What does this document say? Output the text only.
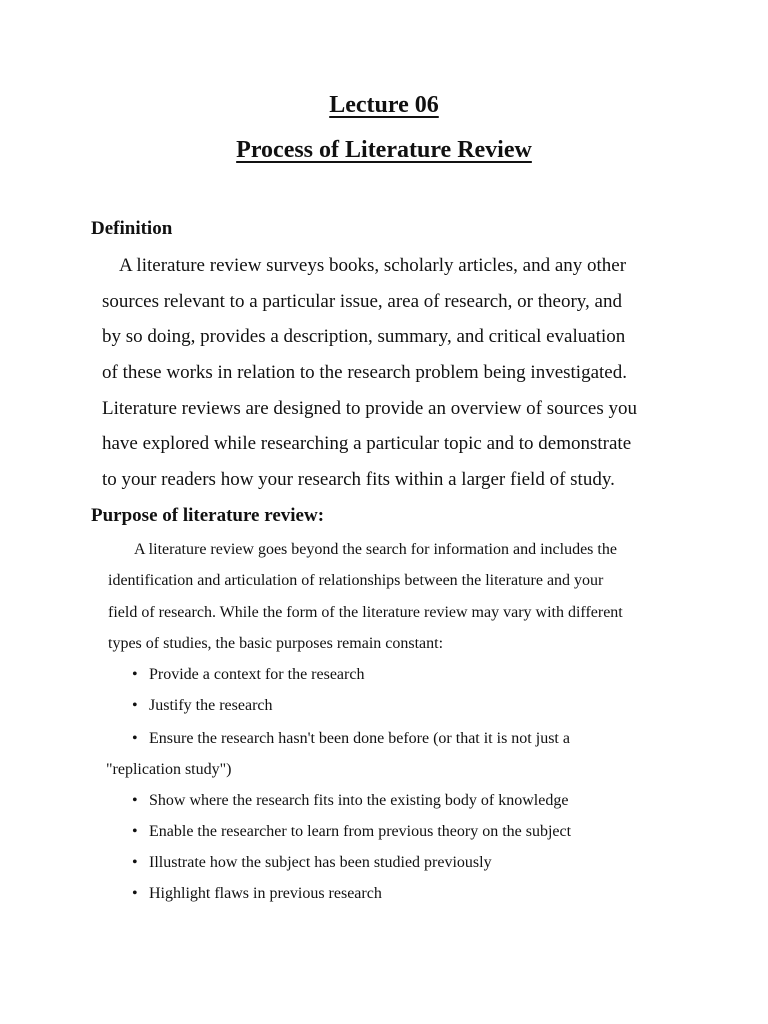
Lecture 06
Process of Literature Review
Definition

A literature review surveys books, scholarly articles, and any other

sources relevant to a particular issue, area of research, or theory, and

by so doing, provides a description, summary, and critical evaluation

of these works in relation to the research problem being investigated.

Literature reviews are designed to provide an overview of sources you

have explored while researching a particular topic and to demonstrate

to your readers how your research fits within a larger field of study.

Purpose of literature review:

A literature review goes beyond the search for information and includes the

identification and articulation of relationships between the literature and your

field of research. While the form of the literature review may vary with different

types of studies, the basic purposes remain constant:

• Provide a context for the research
• Justify the research
• Ensure the research hasn't been done before (or that it is not just a

"replication study")

• Show where the research fits into the existing body of knowledge
• Enable the researcher to learn from previous theory on the subject
• Illustrate how the subject has been studied previously
• Highlight flaws in previous research
